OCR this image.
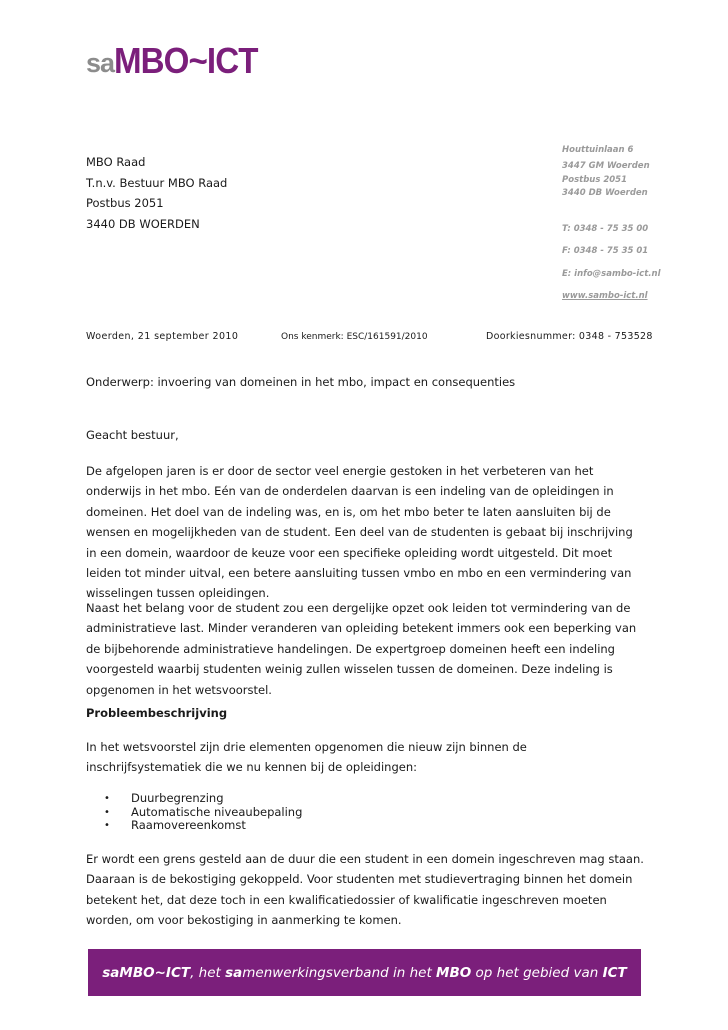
sa MBO~ICT
MBO Raad
T.n.v. Bestuur MBO Raad
Postbus 2051
3440 DB WOERDEN
Houttuinlaan 6
3447 GM Woerden
Postbus 2051
3440 DB Woerden
T: 0348 - 75 35 00
F: 0348 - 75 35 01
E: info@sambo-ict.nl
www.sambo-ict.nl
Woerden, 21 september 2010	Ons kenmerk: ESC/161591/2010	Doorkiesnummer: 0348 - 753528
Onderwerp: invoering van domeinen in het mbo, impact en consequenties
Geacht bestuur,
De afgelopen jaren is er door de sector veel energie gestoken in het verbeteren van het
onderwijs in het mbo. Eén van de onderdelen daarvan is een indeling van de opleidingen in
domeinen. Het doel van de indeling was, en is, om het mbo beter te laten aansluiten bij de
wensen en mogelijkheden van de student. Een deel van de studenten is gebaat bij inschrijving
in een domein, waardoor de keuze voor een specifieke opleiding wordt uitgesteld. Dit moet
leiden tot minder uitval, een betere aansluiting tussen vmbo en mbo en een vermindering van
wisselingen tussen opleidingen.
Naast het belang voor de student zou een dergelijke opzet ook leiden tot vermindering van de
administratieve last. Minder veranderen van opleiding betekent immers ook een beperking van
de bijbehorende administratieve handelingen. De expertgroep domeinen heeft een indeling
voorgesteld waarbij studenten weinig zullen wisselen tussen de domeinen. Deze indeling is
opgenomen in het wetsvoorstel.
Probleembeschrijving
In het wetsvoorstel zijn drie elementen opgenomen die nieuw zijn binnen de
inschrijfsystematiek die we nu kennen bij de opleidingen:
•	Duurbegrenzing
•	Automatische niveaubepaling
•	Raamovereenkomst
Er wordt een grens gesteld aan de duur die een student in een domein ingeschreven mag staan.
Daaraan is de bekostiging gekoppeld. Voor studenten met studievertraging binnen het domein
betekent het, dat deze toch in een kwalificatiedossier of kwalificatie ingeschreven moeten
worden, om voor bekostiging in aanmerking te komen.
saMBO~ICT, het samenwerkingsverband in het MBO op het gebied van ICT
